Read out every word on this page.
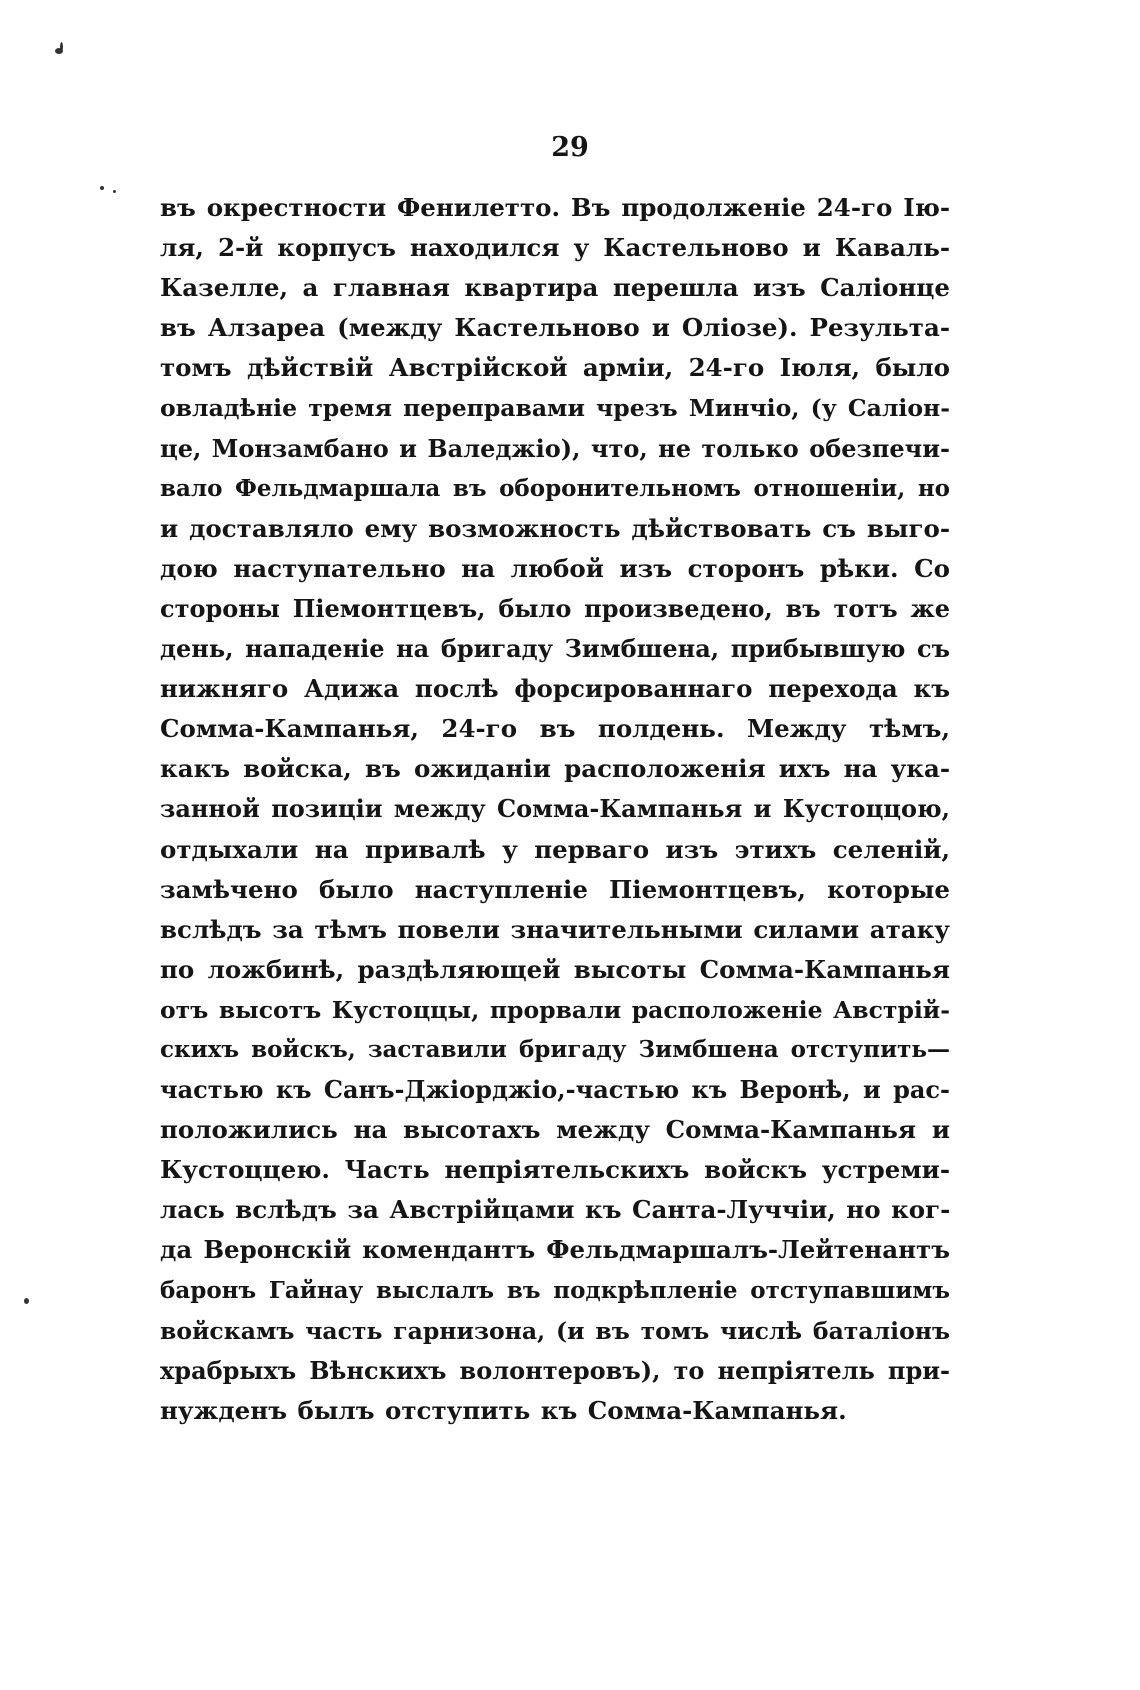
29
въ окрестности Фенилетто. Въ продолженіе 24-го Ію-
ля, 2-й корпусъ находился у Кастельново и Каваль-
Казелле, а главная квартира перешла изъ Саліонце
въ Алзареа (между Кастельново и Оліозе). Результа-
томъ дѣйствій Австрійской арміи, 24-го Іюля, было
овладѣніе тремя переправами чрезъ Минчіо, (у Саліон-
це, Монзамбано и Валеджіо), что, не только обезпечи-
вало Фельдмаршала въ оборонительномъ отношеніи, но
и доставляло ему возможность дѣйствовать съ выго-
дою наступательно на любой изъ сторонъ рѣки. Со
стороны Піемонтцевъ, было произведено, въ тотъ же
день, нападеніе на бригаду Зимбшена, прибывшую съ
нижняго Адижа послѣ форсированнаго перехода къ
Сомма-Кампанья, 24-го въ полдень. Между тѣмъ,
какъ войска, въ ожиданіи расположенія ихъ на ука-
занной позиціи между Сомма-Кампанья и Кустоццою,
отдыхали на привалѣ у перваго изъ этихъ селеній,
замѣчено было наступленіе Піемонтцевъ, которые
вслѣдъ за тѣмъ повели значительными силами атаку
по ложбинѣ, раздѣляющей высоты Сомма-Кампанья
отъ высотъ Кустоццы, прорвали расположеніе Австрій-
скихъ войскъ, заставили бригаду Зимбшена отступить—
частью къ Санъ-Джіорджіо,-частью къ Веронѣ, и рас-
положились на высотахъ между Сомма-Кампанья и
Кустоццею. Часть непріятельскихъ войскъ устреми-
лась вслѣдъ за Австрійцами къ Санта-Луччіи, но ког-
да Веронскій комендантъ Фельдмаршалъ-Лейтенантъ
баронъ Гайнау выслалъ въ подкрѣпленіе отступавшимъ
войскамъ часть гарнизона, (и въ томъ числѣ баталіонъ
храбрыхъ Вѣнскихъ волонтеровъ), то непріятель при-
нужденъ былъ отступить къ Сомма-Кампанья.
